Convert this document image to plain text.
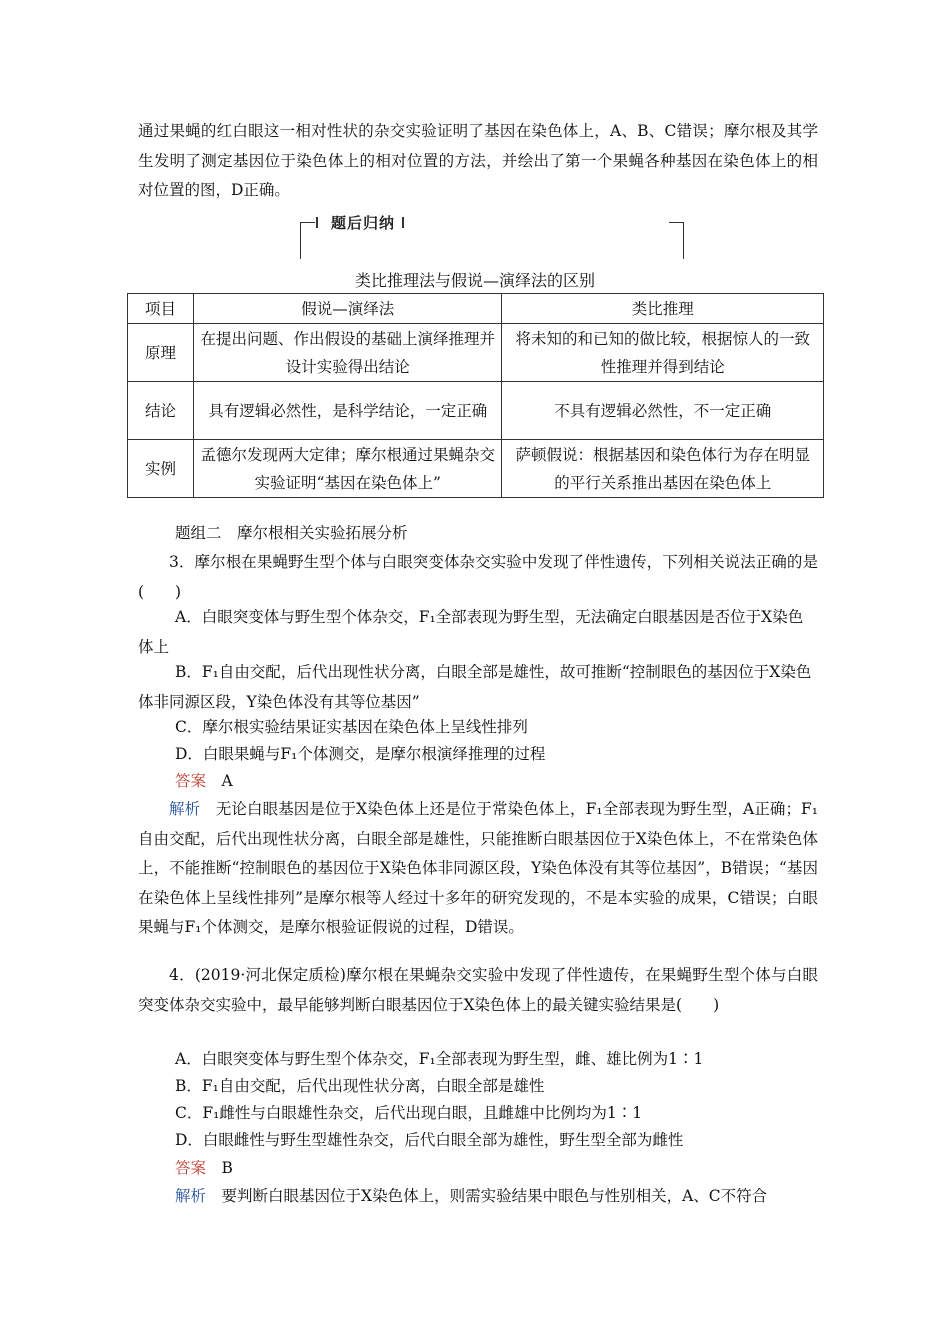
通过果蝇的红白眼这一相对性状的杂交实验证明了基因在染色体上，A、B、C错误；摩尔根及其学生发明了测定基因位于染色体上的相对位置的方法，并绘出了第一个果蝇各种基因在染色体上的相对位置的图，D正确。

题后归纳
类比推理法与假说—演绎法的区别
项目	假说—演绎法	类比推理
原理	在提出问题、作出假设的基础上演绎推理并设计实验得出结论	将未知的和已知的做比较，根据惊人的一致性推理并得到结论
结论	具有逻辑必然性，是科学结论，一定正确	不具有逻辑必然性，不一定正确
实例	孟德尔发现两大定律；摩尔根通过果蝇杂交实验证明“基因在染色体上”	萨顿假说：根据基因和染色体行为存在明显的平行关系推出基因在染色体上
题组二　摩尔根相关实验拓展分析

3．摩尔根在果蝇野生型个体与白眼突变体杂交实验中发现了伴性遗传，下列相关说法正确的是(　　)

A．白眼突变体与野生型个体杂交，F₁全部表现为野生型，无法确定白眼基因是否位于X染色体上

B．F₁自由交配，后代出现性状分离，白眼全部是雄性，故可推断“控制眼色的基因位于X染色体非同源区段，Y染色体没有其等位基因”

C．摩尔根实验结果证实基因在染色体上呈线性排列

D．白眼果蝇与F₁个体测交，是摩尔根演绎推理的过程

答案　 A

解析　 无论白眼基因是位于X染色体上还是位于常染色体上，F₁全部表现为野生型，A正确；F₁自由交配，后代出现性状分离，白眼全部是雄性，只能推断白眼基因位于X染色体上，不在常染色体上，不能推断“控制眼色的基因位于X染色体非同源区段，Y染色体没有其等位基因”，B错误；“基因在染色体上呈线性排列”是摩尔根等人经过十多年的研究发现的，不是本实验的成果，C错误；白眼果蝇与F₁个体测交，是摩尔根验证假说的过程，D错误。

4．(2019·河北保定质检)摩尔根在果蝇杂交实验中发现了伴性遗传，在果蝇野生型个体与白眼突变体杂交实验中，最早能够判断白眼基因位于X染色体上的最关键实验结果是(　　)

A．白眼突变体与野生型个体杂交，F₁全部表现为野生型，雌、雄比例为1∶1

B．F₁自由交配，后代出现性状分离，白眼全部是雄性

C．F₁雌性与白眼雄性杂交，后代出现白眼，且雌雄中比例均为1∶1

D．白眼雌性与野生型雄性杂交，后代白眼全部为雄性，野生型全部为雌性

答案　 B

解析　 要判断白眼基因位于X染色体上，则需实验结果中眼色与性别相关，A、C不符合
